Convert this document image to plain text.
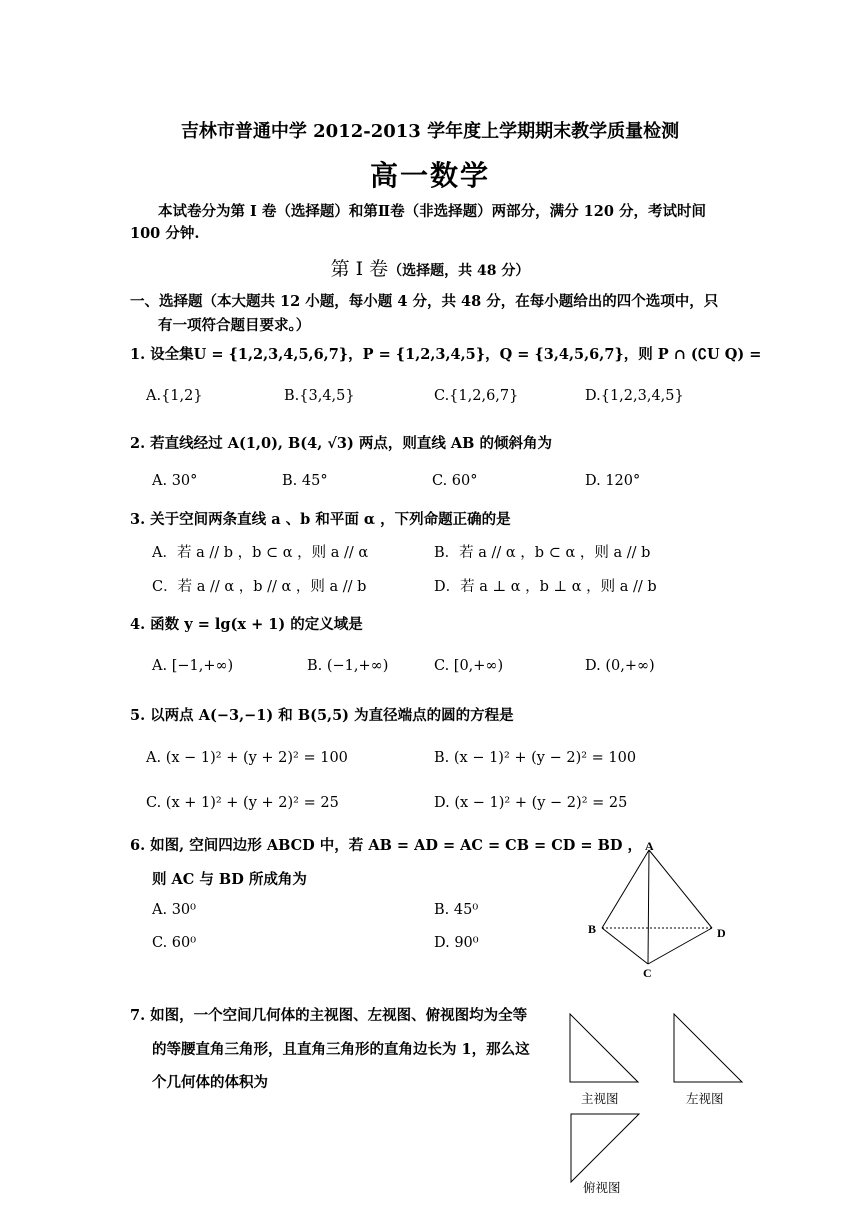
吉林市普通中学 2012-2013 学年度上学期期末教学质量检测
高一数学
本试卷分为第 I 卷（选择题）和第Ⅱ卷（非选择题）两部分，满分 120 分，考试时间
100 分钟.
第 I 卷（选择题，共 48 分）
一、选择题（本大题共 12 小题，每小题 4 分，共 48 分，在每小题给出的四个选项中，只
有一项符合题目要求。）
1. 设全集U = {1,2,3,4,5,6,7}，P = {1,2,3,4,5}，Q = {3,4,5,6,7}，则 P ∩ (∁U Q) =
A.{1,2}	B.{3,4,5}	C.{1,2,6,7}	D.{1,2,3,4,5}
2. 若直线经过 A(1,0), B(4, √3) 两点，则直线 AB 的倾斜角为
A. 30°	B. 45°	C. 60°	D. 120°
3. 关于空间两条直线 a 、b 和平面 α ，下列命题正确的是
A．若 a // b ，b ⊂ α ，则 a // α	B．若 a // α ，b ⊂ α ，则 a // b
C．若 a // α ，b // α ，则 a // b	D．若 a ⊥ α ，b ⊥ α ，则 a // b
4. 函数 y = lg(x + 1) 的定义域是
A. [−1,+∞)	B. (−1,+∞)	C. [0,+∞)	D. (0,+∞)
5. 以两点 A(−3,−1) 和 B(5,5) 为直径端点的圆的方程是
A. (x − 1)² + (y + 2)² = 100	B. (x − 1)² + (y − 2)² = 100
C. (x + 1)² + (y + 2)² = 25	D. (x − 1)² + (y − 2)² = 25
6. 如图, 空间四边形 ABCD 中，若 AB = AD = AC = CB = CD = BD ，
则 AC 与 BD 所成角为
A. 30⁰	B. 45⁰
C. 60⁰	D. 90⁰
A
B
C
D
7. 如图，一个空间几何体的主视图、左视图、俯视图均为全等
的等腰直角三角形，且直角三角形的直角边长为 1，那么这
个几何体的体积为
主视图	左视图
俯视图
